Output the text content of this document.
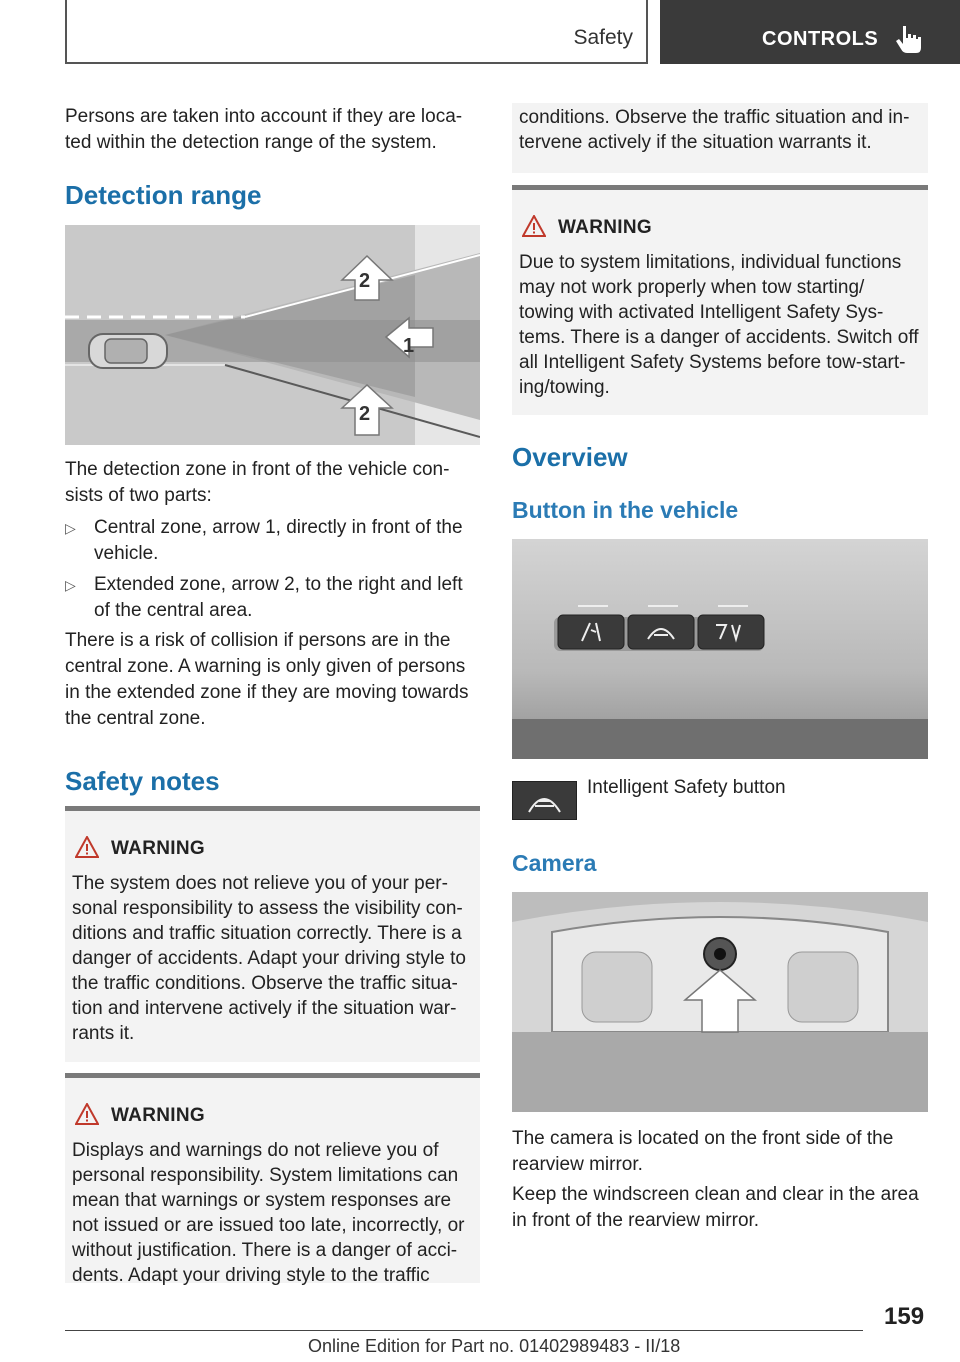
Safety	CONTROLS

Persons are taken into account if they are loca-
ted within the detection range of the system.

Detection range
2
1
2

The detection zone in front of the vehicle con-
sists of two parts:

▷ Central zone, arrow 1, directly in front of the
vehicle.
▷ Extended zone, arrow 2, to the right and left
of the central area.

There is a risk of collision if persons are in the
central zone. A warning is only given of persons
in the extended zone if they are moving towards
the central zone.

Safety notes
WARNING
The system does not relieve you of your per-
sonal responsibility to assess the visibility con-
ditions and traffic situation correctly. There is a
danger of accidents. Adapt your driving style to
the traffic conditions. Observe the traffic situa-
tion and intervene actively if the situation war-
rants it.
WARNING
Displays and warnings do not relieve you of
personal responsibility. System limitations can
mean that warnings or system responses are
not issued or are issued too late, incorrectly, or
without justification. There is a danger of acci-
dents. Adapt your driving style to the traffic
conditions. Observe the traffic situation and in-
tervene actively if the situation warrants it.
WARNING
Due to system limitations, individual functions
may not work properly when tow starting/
towing with activated Intelligent Safety Sys-
tems. There is a danger of accidents. Switch off
all Intelligent Safety Systems before tow-start-
ing/towing.
Overview
Button in the vehicle
Intelligent Safety button
Camera

The camera is located on the front side of the
rearview mirror.

Keep the windscreen clean and clear in the area
in front of the rearview mirror.

159
Online Edition for Part no. 01402989483 - II/18
